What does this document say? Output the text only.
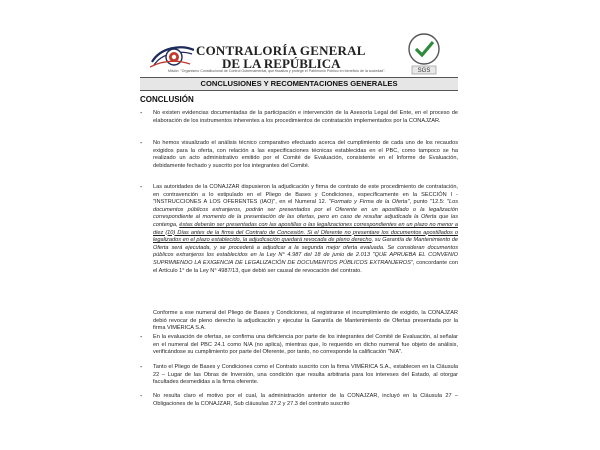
CONTRALORÍA GENERAL
DE LA REPÚBLICA
SGS
Misión: "Organismo Constitucional de Control Gubernamental, que fiscaliza y protege el Patrimonio Público en beneficio de la sociedad".
CONCLUSIONES Y RECOMENTACIONES GENERALES
CONCLUSIÓN
- No existen evidencias documentadas de la participación e intervención de la Asesoría Legal del Ente, en el proceso de elaboración de los instrumentos inherentes a los procedimientos de contratación implementados por la CONAJZAR.

- No hemos visualizado el análisis técnico comparativo efectuado acerca del cumplimiento de cada uno de los recaudos exigidos para la oferta, con relación a las especificaciones técnicas establecidas en el PBC, como tampoco se ha realizado un acto administrativo emitido por el Comité de Evaluación, consistente en el Informe de Evaluación, debidamente fechado y suscrito por los integrantes del Comité.

- Las autoridades de la CONAJZAR dispusieron la adjudicación y firma de contrato de este procedimiento de contratación, en contravención a lo estipulado en el Pliego de Bases y Condiciones, específicamente en la SECCIÓN I - "INSTRUCCIONES A LOS OFERENTES (IAO)", en el Numeral 12. "Formato y Firma de la Oferta", punto "12.5: "Los documentos públicos extranjeros, podrán ser presentados por el Oferente en un apostillado o la legalización correspondiente al momento de la presentación de las ofertas, pero en caso de resultar adjudicada la Oferta que las contenga, éstas deberán ser presentadas con las apostillas o las legalizaciones correspondientes en un plazo no menor a diez (10) Días antes de la firma del Contrato de Concesión. Si el Oferente no presentare los documentos apostillados o legalizados en el plazo establecido, la adjudicación quedará revocada de pleno derecho, su Garantía de Mantenimiento de Oferta será ejecutada, y se procederá a adjudicar a la segunda mejor oferta evaluada. Se consideran documentos públicos extranjeros los establecidos en la Ley N° 4.987 del 18 de junio de 2.013 "QUE APRUEBA EL CONVENIO SUPRIMIENDO LA EXIGENCIA DE LEGALIZACIÓN DE DOCUMENTOS PÚBLICOS EXTRANJEROS", concordante con el Artículo 1° de la Ley N° 4987/13, que debió ser causal de revocación del contrato.

Conforme a ese numeral del Pliego de Bases y Condiciones, al registrarse el incumplimiento de exigido, la CONAJZAR debió revocar de pleno derecho la adjudicación y ejecutar la Garantía de Mantenimiento de Ofertas presentada por la firma VIMÉRICA S.A.

- En la evaluación de ofertas, se confirma una deficiencia por parte de los integrantes del Comité de Evaluación, al señalar en el numeral del PBC 24.1 como N/A (no aplica), mientras que, lo requerido en dicho numeral fue objeto de análisis, verificándose su cumplimiento por parte del Oferente, por tanto, no corresponde la calificación "N/A".

- Tanto el Pliego de Bases y Condiciones como el Contrato suscrito con la firma VIMÉRICA S.A., establecen en la Cláusula 22 – Lugar de las Obras de Inversión, una condición que resulta arbitraria para los intereses del Estado, al otorgar facultades desmedidas a la firma oferente.

- No resulta claro el motivo por el cual, la administración anterior de la CONAJZAR, incluyó en la Cláusula 27 – Obligaciones de la CONAJZAR, Sub cláusulas 27.2 y 27.3 del contrato suscrito
